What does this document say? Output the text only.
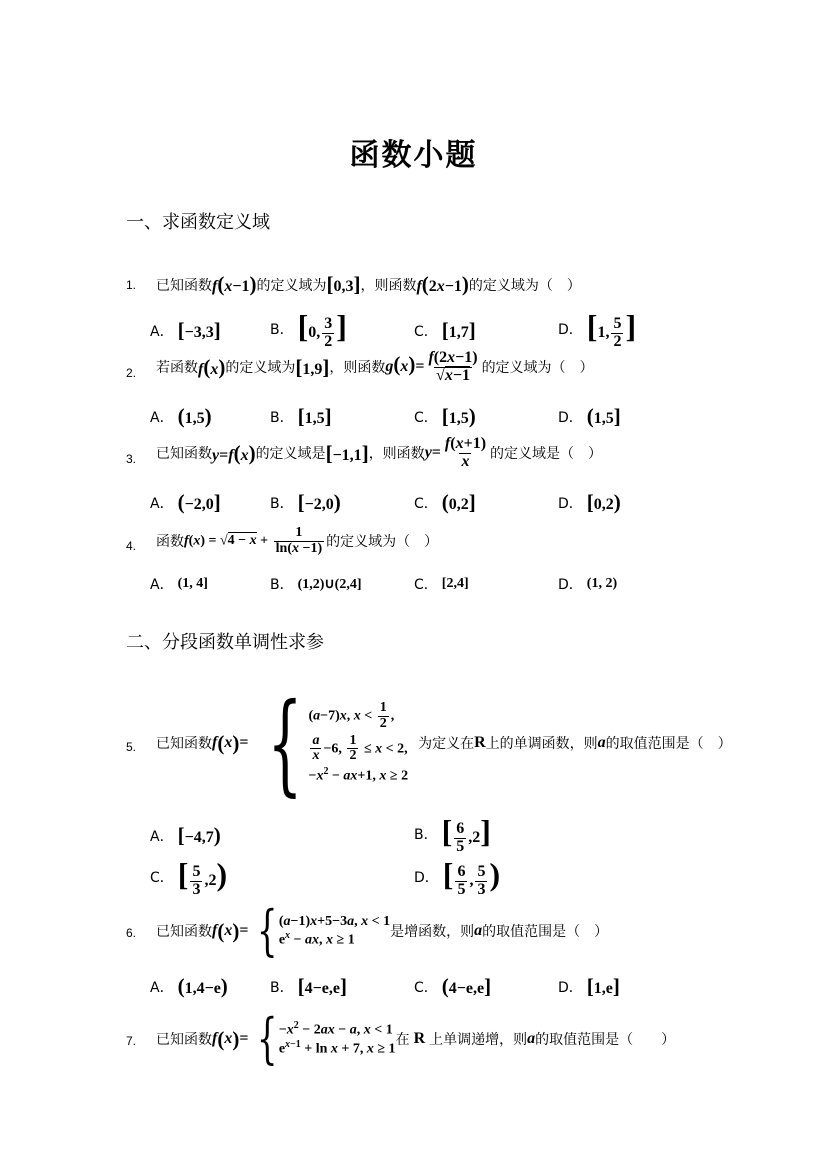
函数小题
一、求函数定义域
1. 已知函数 f(x−1) 的定义域为 [0,3] ，则函数 f(2x−1) 的定义域为（　）
A． [−3,3]	B． [0, $\frac{3}{2}$ ]	C． [1,7]	D． [1, $\frac{5}{2}$ ]
2. 若函数 f(x) 的定义域为 [1,9] ，则函数 $g(x)= \frac{f(2x-1)}{√x-1}$ 的定义域为（　）
A． (1,5)	B． [1,5]	C． [1,5)	D． (1,5]
3. 已知函数 y=f(x) 的定义域是 [−1,1] ，则函数 $y= \frac{f(x+1)}{x}$ 的定义域是（　）
A． (−2,0]	B． [−2,0)	C． (0,2]	D． [0,2)
4. 函数 $f(x) = √4 - x + \frac{1}{\ln(x -1)}$ 的定义域为（　）
A． (1, 4]	B． (1,2)∪(2,4]	C． [2,4]	D． (1, 2)
二、分段函数单调性求参
5. 已知函数 f ( x ) = { (a−7)x, $x < \frac{1}{2}$ ,
$\frac{a}{x} -6$, $\frac{1}{2} \le x < 2$,
$-x^2 - ax+1$, x ≥ 2
为定义在 R 上的单调函数，则 a 的取值范围是（　）
A． [−4,7)	B． [ $\frac{6}{5} ,2$]
C． [ $\frac{5}{3} ,2$)	D． [ $\frac{6}{5}$ , $\frac{5}{3}$ )
6. 已知函数 f ( x ) = { (a−1)x+5−3a, x < 1
$e^x$ − ax, x ≥ 1	是增函数，则 a 的取值范围是（　）
A． (1,4−e)	B． [4−e,e]	C． (4−e,e]	D． [1,e]
7. 已知函数 f ( x ) = { $-x^2 - 2ax - a$, x < 1
$e^{x-1} + \ln x + 7$, x ≥ 1
在 R 上单调递增，则 a 的取值范围是（　　）
